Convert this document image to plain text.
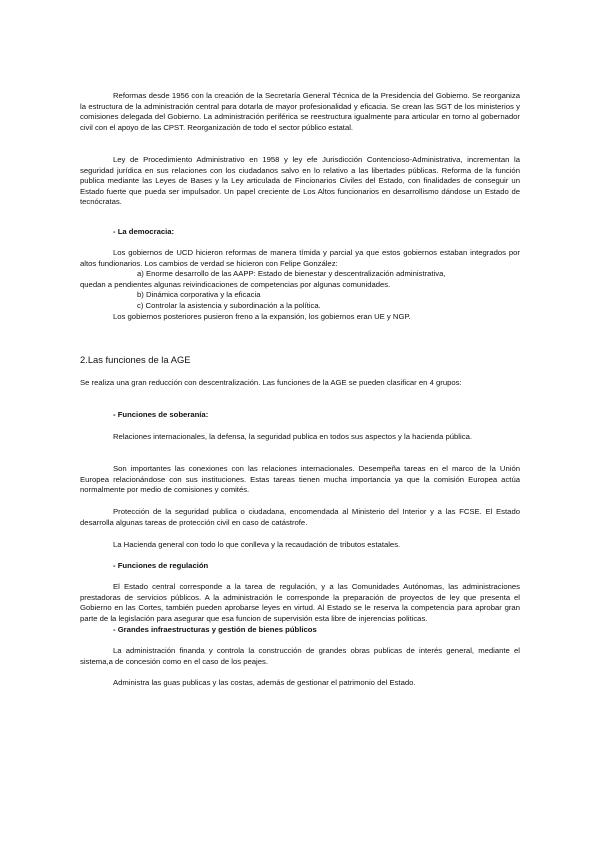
Reformas desde 1956 con la creación de la Secretaría General Técnica de la Presidencia del Gobierno. Se reorganiza la estructura de la administración central para dotarla de mayor profesionalidad y eficacia. Se crean las SGT de los ministerios y comisiones delegada del Gobierno. La administración periférica se reestructura igualmente para articular en torno al gobernador civil con el apoyo de las CPST. Reorganización de todo el sector público estatal.

Ley de Procedimiento Administrativo en 1958 y ley efe Jurisdicción Contencioso-Administrativa, incrementan la seguridad jurídica en sus relaciones con los ciudadanos salvo en lo relativo a las libertades públicas. Reforma de la función publica mediante las Leyes de Bases y la Ley articulada de Fincionarios Civiles del Estado, con finalidades de conseguir un Estado fuerte que pueda ser impulsador. Un papel creciente de Los Altos funcionarios en desarrollismo dándose un Estado de tecnócratas.

- La democracia:

Los gobiernos de UCD hicieron reformas de manera tímida y parcial ya que estos gobiernos estaban integrados por altos fundionarios. Los cambios de verdad se hicieron con Felipe González:

a) Enorme desarrollo de las AAPP: Estado de bienestar y descentralización administrativa,

quedan a pendientes algunas reivindicaciones de competencias por algunas comunidades.

b) Dinámica corporativa y la eficacia

c) Controlar la asistencia y subordinación a la política.

Los gobiernos posteriores pusieron freno a la expansión, los gobiernos eran UE y NGP.

2.Las funciones de la AGE

Se realiza una gran reducción con descentralización. Las funciones de la AGE se pueden clasificar en 4 grupos:

- Funciones de soberanía:

Relaciones internacionales, la defensa, la seguridad publica en todos sus aspectos y la hacienda pública.

Son importantes las conexiones con las relaciones internacionales. Desempeña tareas en el marco de la Unión Europea relacionándose con sus instituciones. Estas tareas tienen mucha importancia ya que la comisión Europea actúa normalmente por medio de comisiones y comités.

Protección de la seguridad publica o ciudadana, encomendada al Ministerio del Interior y a las FCSE. El Estado desarrolla algunas tareas de protección civil en caso de catástrofe.

La Hacienda general con todo lo que conlleva y la recaudación de tributos estatales.

- Funciones de regulación

El Estado central corresponde a la tarea de regulación, y a las Comunidades Autónomas, las administraciones prestadoras de servicios públicos. A la administración le corresponde la preparación de proyectos de ley que presenta el Gobierno en las Cortes, también pueden aprobarse leyes en virtud. Al Estado se le reserva la competencia para aprobar gran parte de la legislación para asegurar que esa funcion de supervisión esta libre de injerencias politicas.

- Grandes infraestructuras y gestión de bienes públicos

La administración finanda y controla la construcción de grandes obras publicas de interés general, mediante el sistema,a de concesión como en el caso de los peajes.

Administra las guas publicas y las costas, además de gestionar el patrimonio del Estado.
